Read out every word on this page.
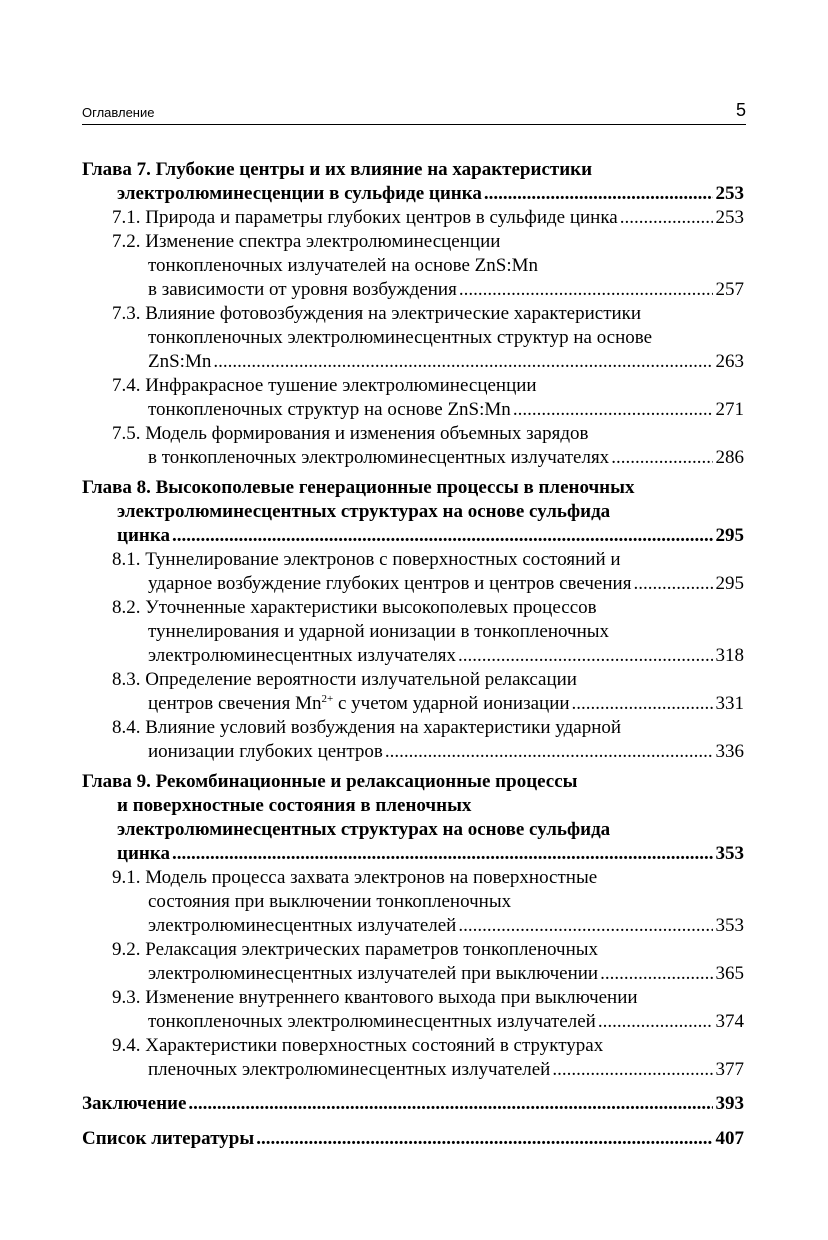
Оглавление	5
Глава 7. Глубокие центры и их влияние на характеристики
электролюминесценции в сульфиде цинка .....	253
7.1. Природа и параметры глубоких центров в сульфиде цинка .....	253
7.2. Изменение спектра электролюминесценции
тонкопленочных излучателей на основе ZnS:Mn
в зависимости от уровня возбуждения .....	257
7.3. Влияние фотовозбуждения на электрические характеристики
тонкопленочных электролюминесцентных структур на основе
ZnS:Mn .....	263
7.4. Инфракрасное тушение электролюминесценции
тонкопленочных структур на основе ZnS:Mn .....	271
7.5. Модель формирования и изменения объемных зарядов
в тонкопленочных электролюминесцентных излучателях .....	286
Глава 8. Высокополевые генерационные процессы в пленочных
электролюминесцентных структурах на основе сульфида
цинка .....	295
8.1. Туннелирование электронов с поверхностных состояний и
ударное возбуждение глубоких центров и центров свечения .....	295
8.2. Уточненные характеристики высокополевых процессов
туннелирования и ударной ионизации в тонкопленочных
электролюминесцентных излучателях .....	318
8.3. Определение вероятности излучательной релаксации
центров свечения $Mn^{2+}$ с учетом ударной ионизации .....	331
8.4. Влияние условий возбуждения на характеристики ударной
ионизации глубоких центров .....	336
Глава 9. Рекомбинационные и релаксационные процессы
и поверхностные состояния в пленочных
электролюминесцентных структурах на основе сульфида
цинка .....	353
9.1. Модель процесса захвата электронов на поверхностные
состояния при выключении тонкопленочных
электролюминесцентных излучателей .....	353
9.2. Релаксация электрических параметров тонкопленочных
электролюминесцентных излучателей при выключении .....	365
9.3. Изменение внутреннего квантового выхода при выключении
тонкопленочных электролюминесцентных излучателей .....	374
9.4. Характеристики поверхностных состояний в структурах
пленочных электролюминесцентных излучателей .....	377
Заключение .....	393
Список литературы .....	407
